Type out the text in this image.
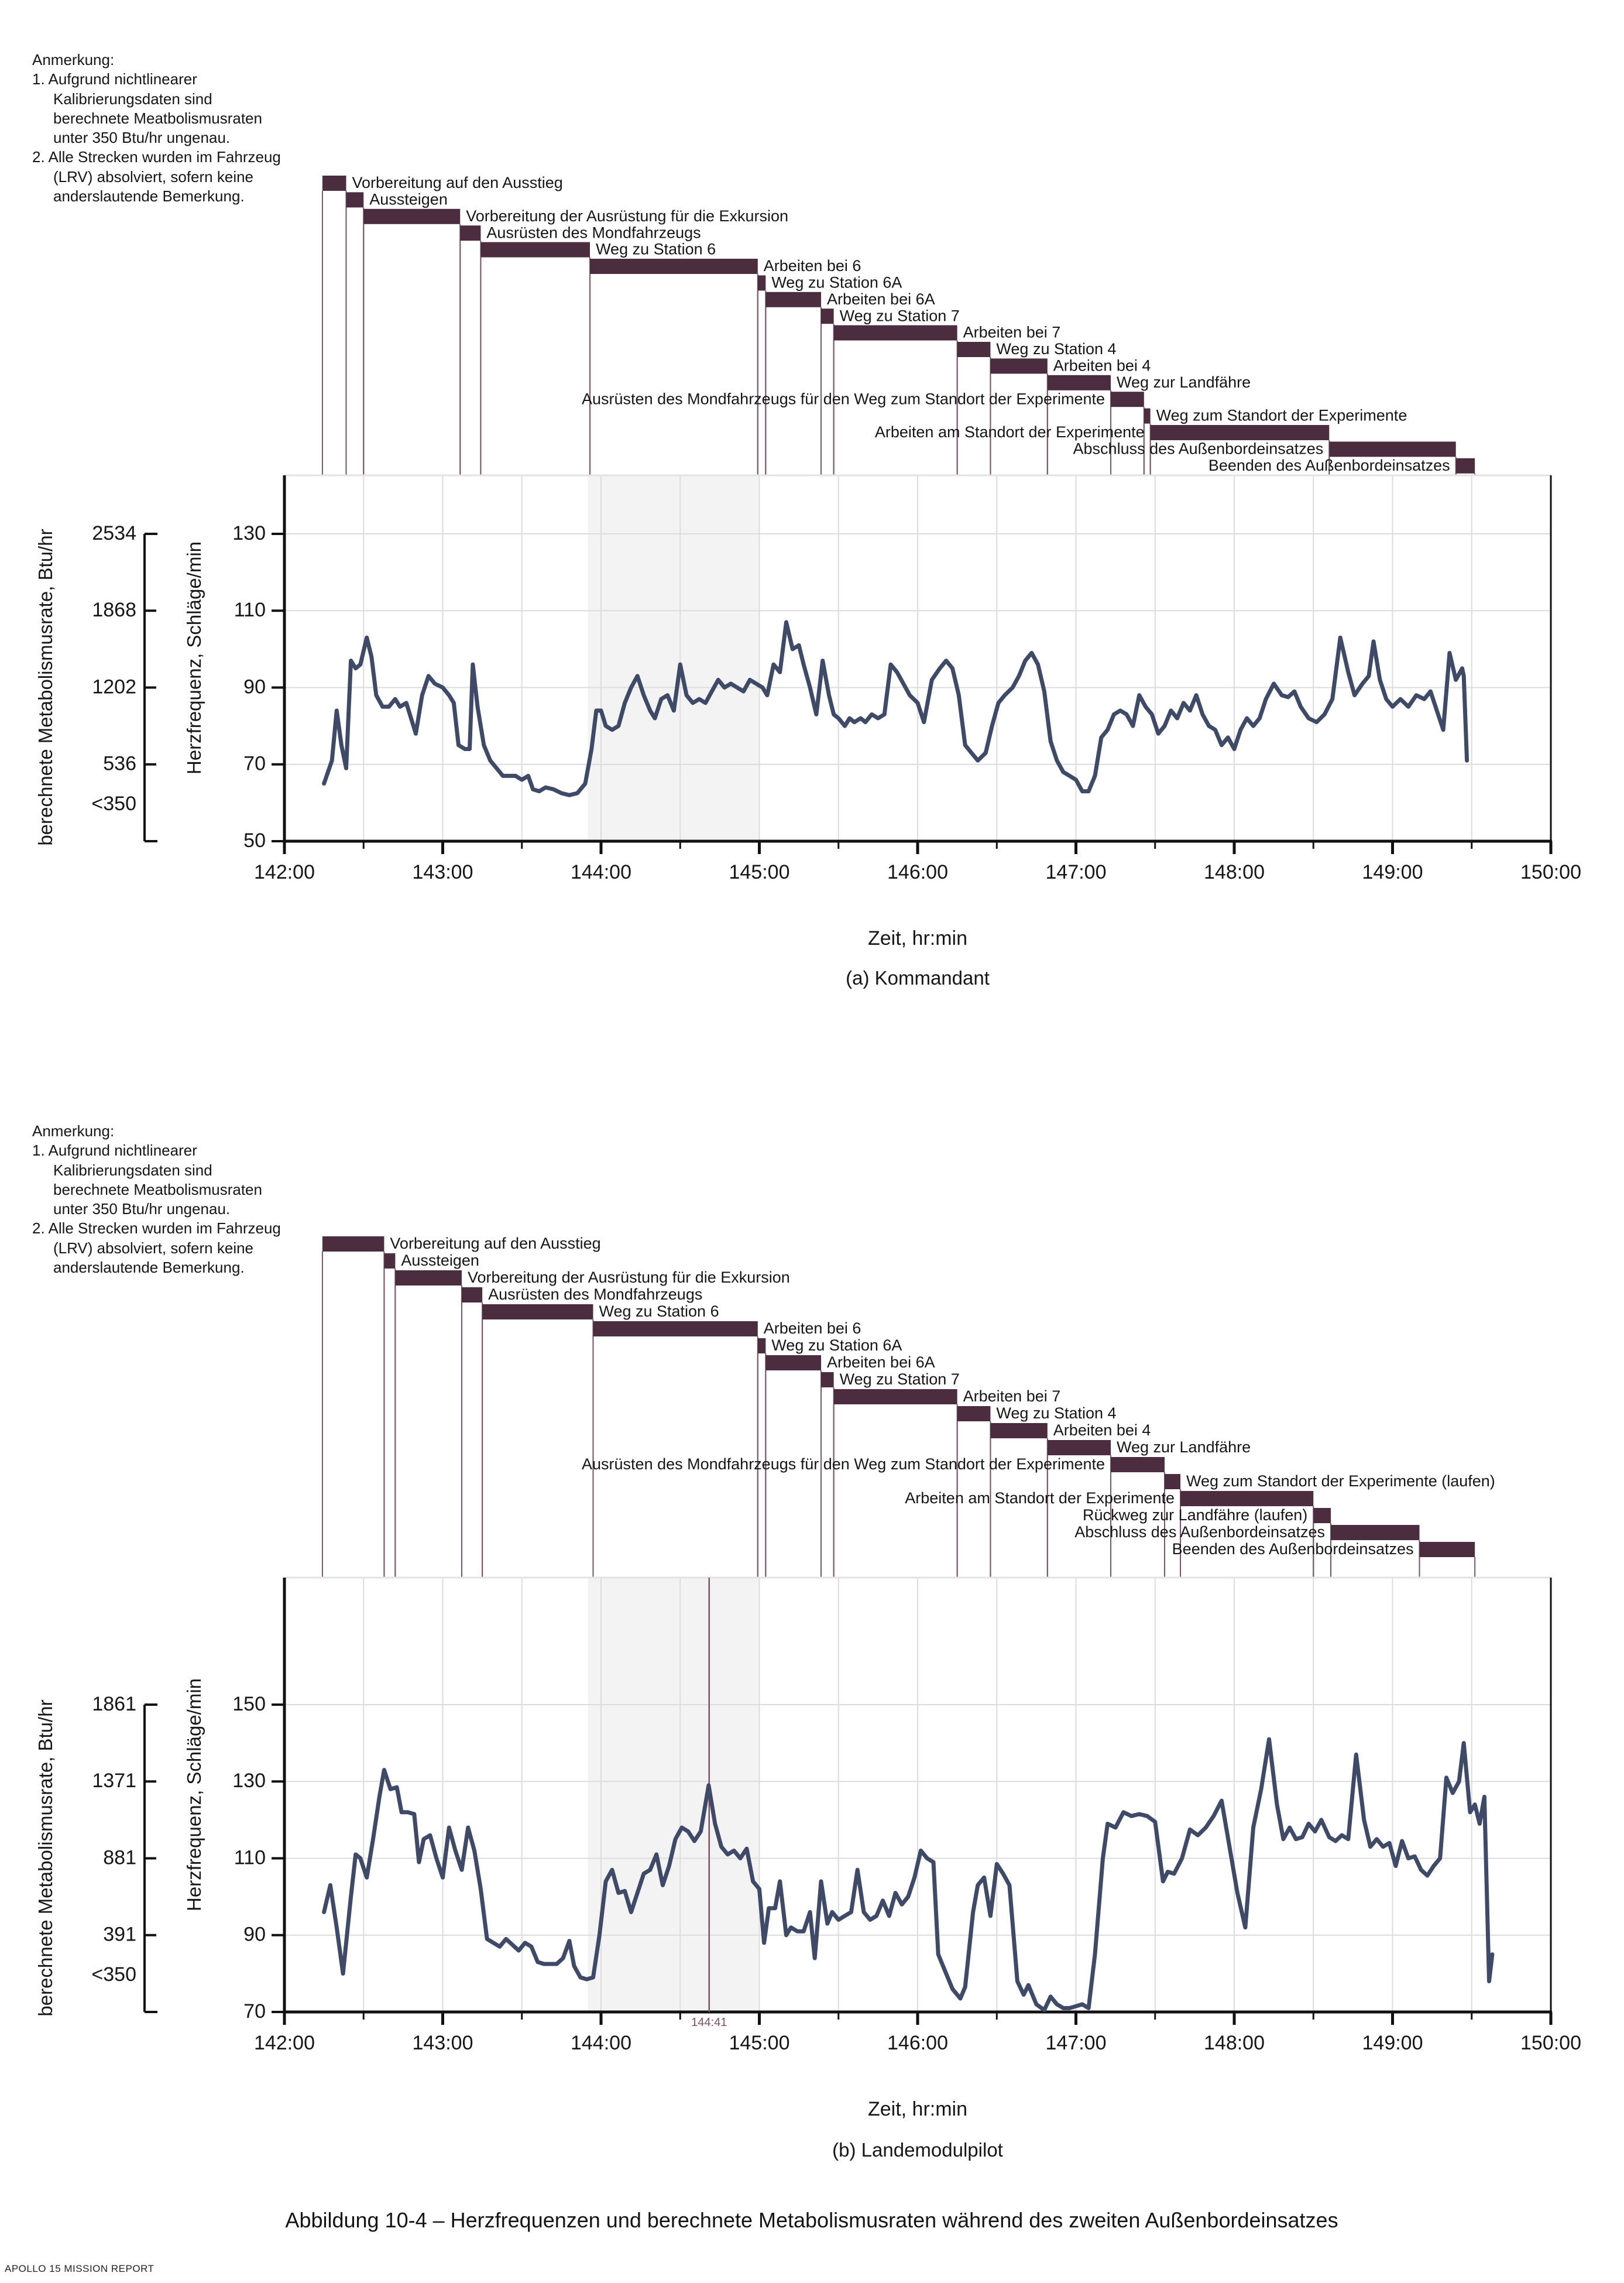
Anmerkung:

1. Aufgrund nichtlinearer Kalibrierungsdaten sind berechnete Meatbolismusraten unter 350 Btu/hr ungenau.

2. Alle Strecken wurden im Fahrzeug (LRV) absolviert, sofern keine anderslautende Bemerkung.

berechnete Metabolismusrate, Btu/hr	Herzfrequenz, Schläge/min
Zeit, hr:min
(a) Kommandant

Anmerkung:

1. Aufgrund nichtlinearer Kalibrierungsdaten sind berechnete Meatbolismusraten unter 350 Btu/hr ungenau.

2. Alle Strecken wurden im Fahrzeug (LRV) absolviert, sofern keine anderslautende Bemerkung.

berechnete Metabolismusrate, Btu/hr	Herzfrequenz, Schläge/min
Zeit, hr:min
(b) Landemodulpilot
Abbildung 10-4 – Herzfrequenzen und berechnete Metabolismusraten während des zweiten Außenbordeinsatzes
APOLLO 15 MISSION REPORT
Vorbereitung auf den Ausstieg
Aussteigen
Vorbereitung der Ausrüstung für die Exkursion
Ausrüsten des Mondfahrzeugs
Weg zu Station 6
Arbeiten bei 6
Weg zu Station 6A
Arbeiten bei 6A
Weg zu Station 7
Arbeiten bei 7
Weg zu Station 4
Arbeiten bei 4
Weg zur Landfähre
Ausrüsten des Mondfahrzeugs für den Weg zum Standort der Experimente
Weg zum Standort der Experimente
Arbeiten am Standort der Experimente
Abschluss des Außenbordeinsatzes
Beenden des Außenbordeinsatzes
142:00	143:00	144:00	145:00	146:00	147:00	148:00	149:00	150:00
50
70
90
110
130
2534
1868
1202
536
<350
Vorbereitung auf den Ausstieg
Aussteigen
Vorbereitung der Ausrüstung für die Exkursion
Ausrüsten des Mondfahrzeugs
Weg zu Station 6
Arbeiten bei 6
Weg zu Station 6A
Arbeiten bei 6A
Weg zu Station 7
Arbeiten bei 7
Weg zu Station 4
Arbeiten bei 4
Weg zur Landfähre
Ausrüsten des Mondfahrzeugs für den Weg zum Standort der Experimente
Weg zum Standort der Experimente (laufen)
Arbeiten am Standort der Experimente
Rückweg zur Landfähre (laufen)
Abschluss des Außenbordeinsatzes
Beenden des Außenbordeinsatzes
142:00	143:00	144:00	145:00	146:00	147:00	148:00	149:00	150:00
70
90
110
130
150
1861
1371
881
391
<350
144:41
